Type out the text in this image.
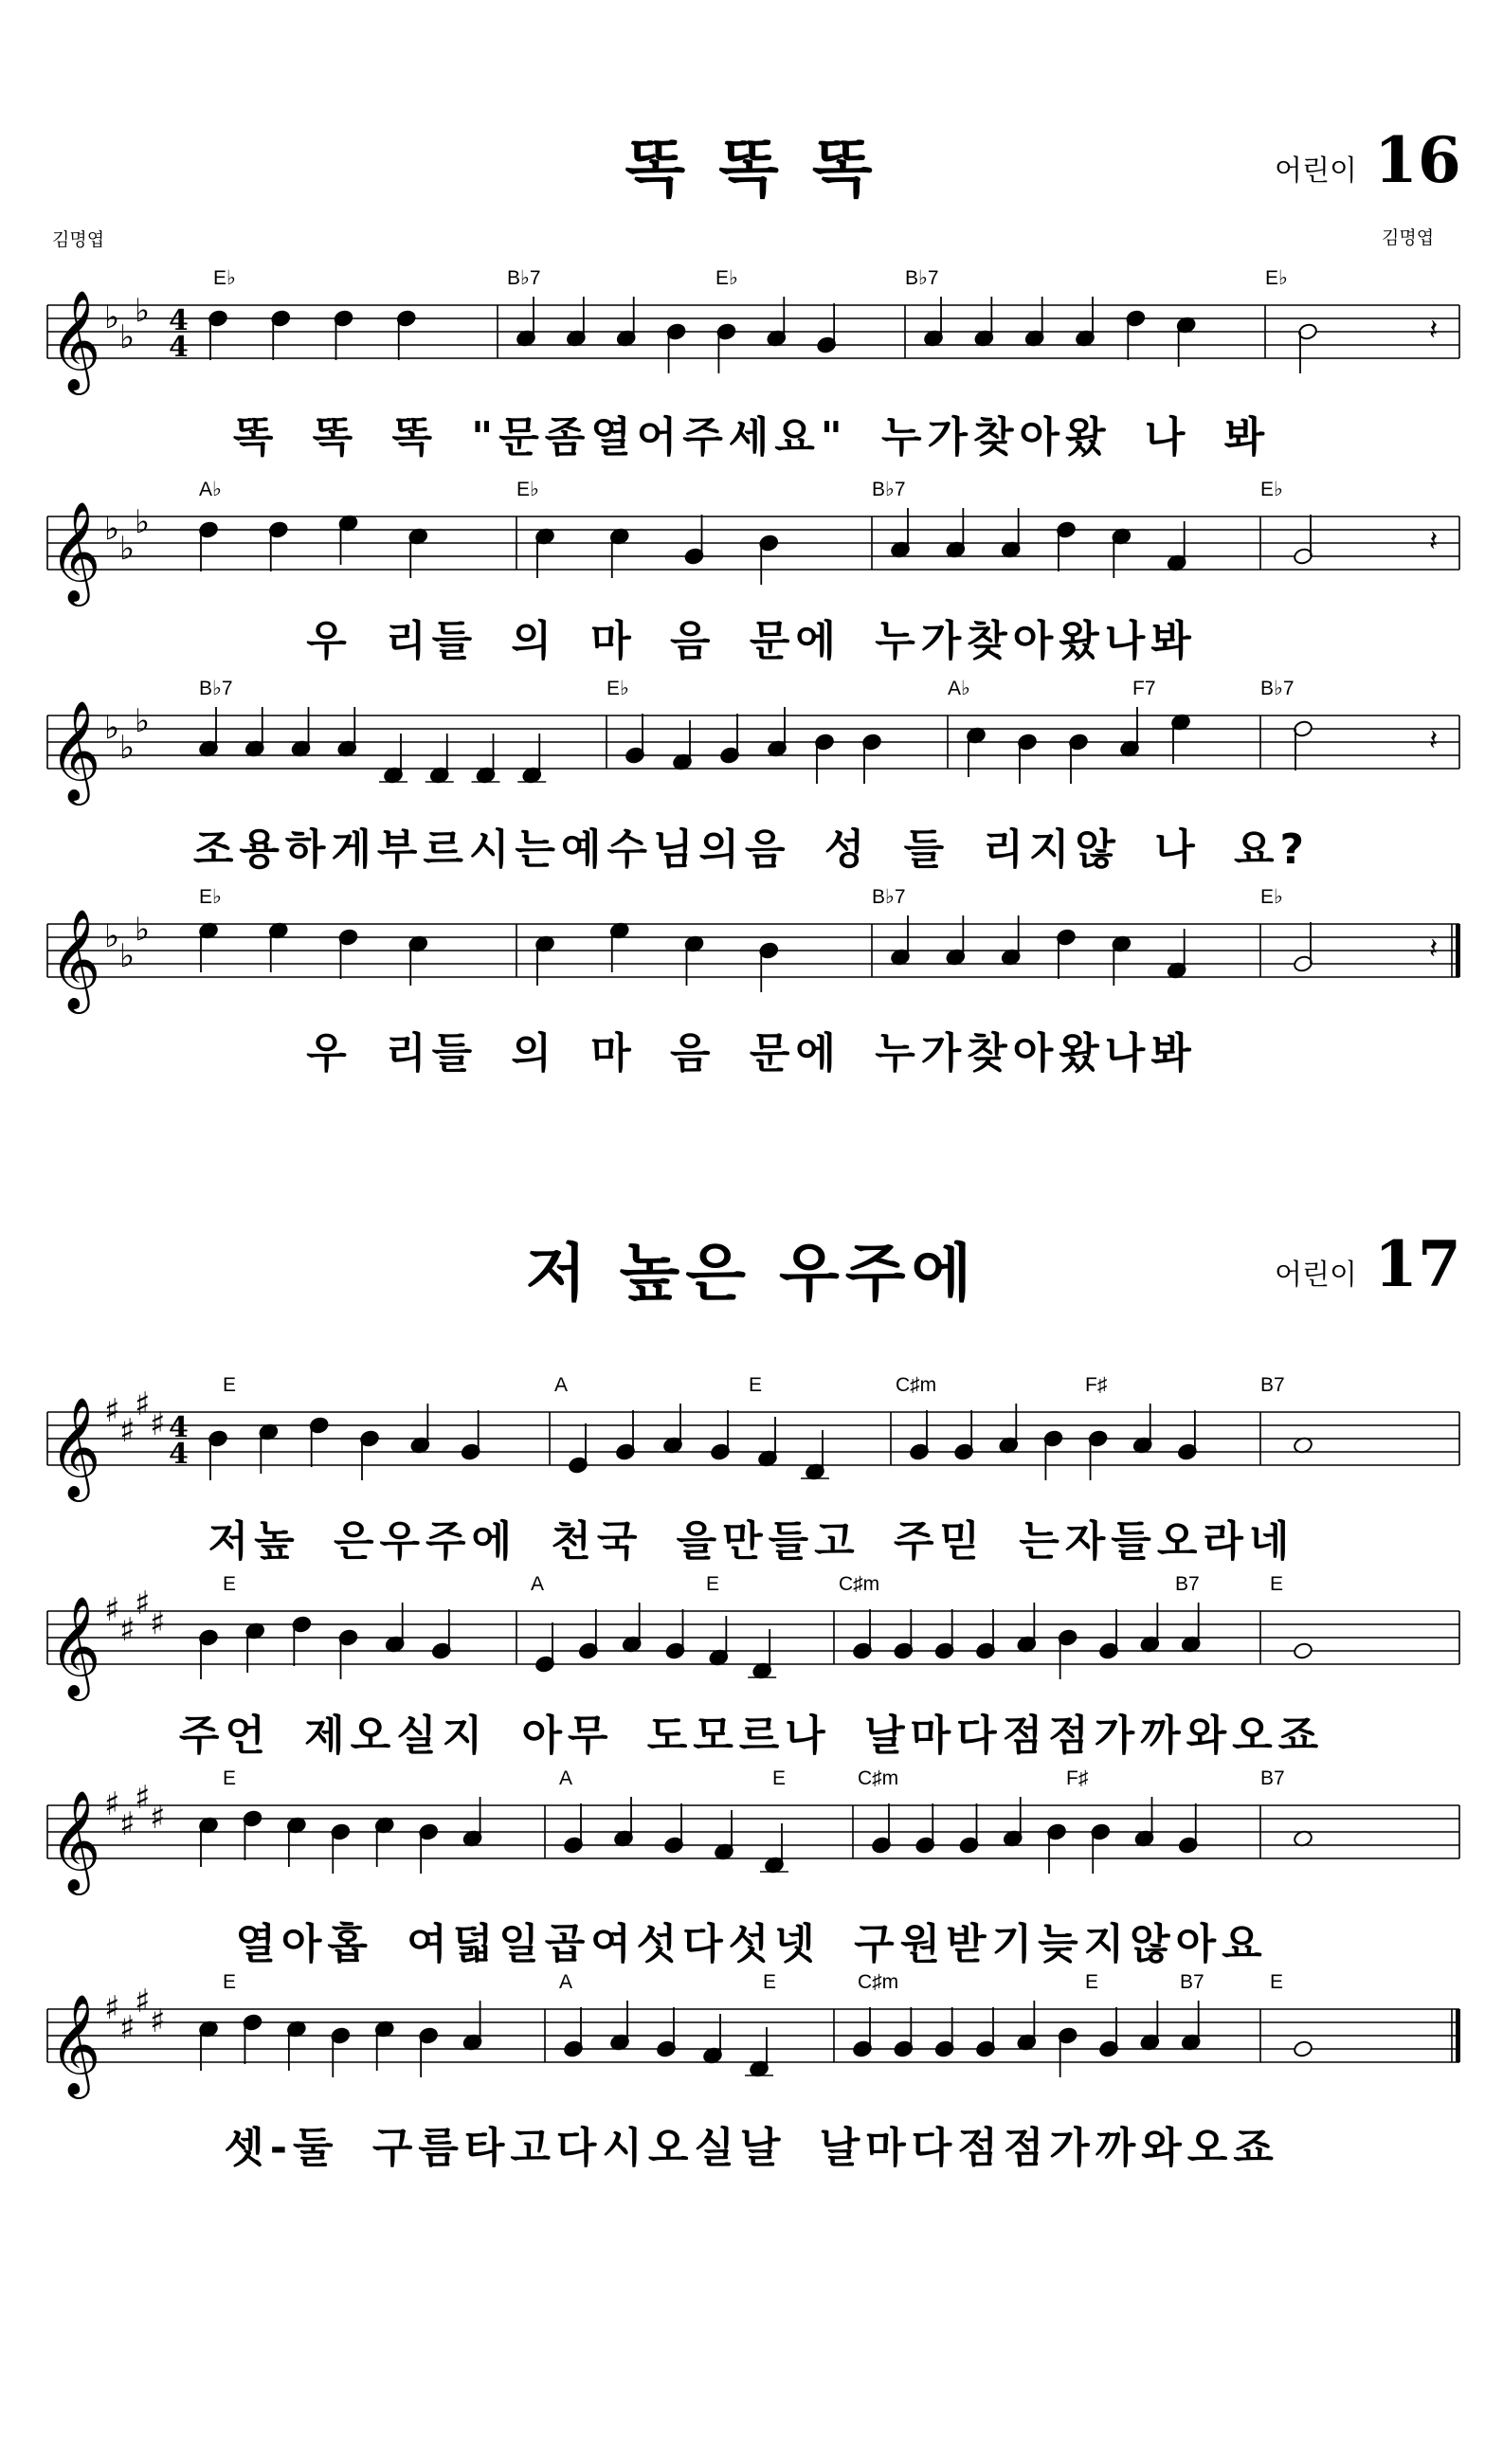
똑 똑 똑	어린이 16
김명엽	김명엽
저 높은 우주에	어린이 17
𝄞 ♭
♭
♭ 4
4
E♭	B♭7	E♭	B♭7	E♭
𝄽
똑 똑 똑 "문좀열어주세요" 누가찾아왔 나 봐
𝄞 ♭
♭
♭
A♭	E♭	B♭7	E♭
𝄽
우 리들 의 마 음 문에 누가찾아왔나봐
𝄞 ♭
♭
♭
B♭7	E♭	A♭	F7	B♭7
𝄽
조용하게부르시는예수님의음 성 들 리지않 나 요?
𝄞 ♭
♭
♭
E♭	B♭7	E♭
𝄽
우 리들 의 마 음 문에 누가찾아왔나봐
𝄞 ♯
♯
♯
♯ 4
4
E	A	E	C♯m	F♯	B7
저높 은우주에 천국 을만들고 주믿 는자들오라네
𝄞 ♯
♯
♯
♯
E	A	E	C♯m	B7	E
주언 제오실지 아무 도모르나 날마다점점가까와오죠
𝄞 ♯
♯
♯
♯
E	A	E	C♯m	F♯	B7
열아홉 여덟일곱여섯다섯넷 구원받기늦지않아요
𝄞 ♯
♯
♯
♯
E	A	E	C♯m	E	B7	E
셋-둘 구름타고다시오실날 날마다점점가까와오죠
